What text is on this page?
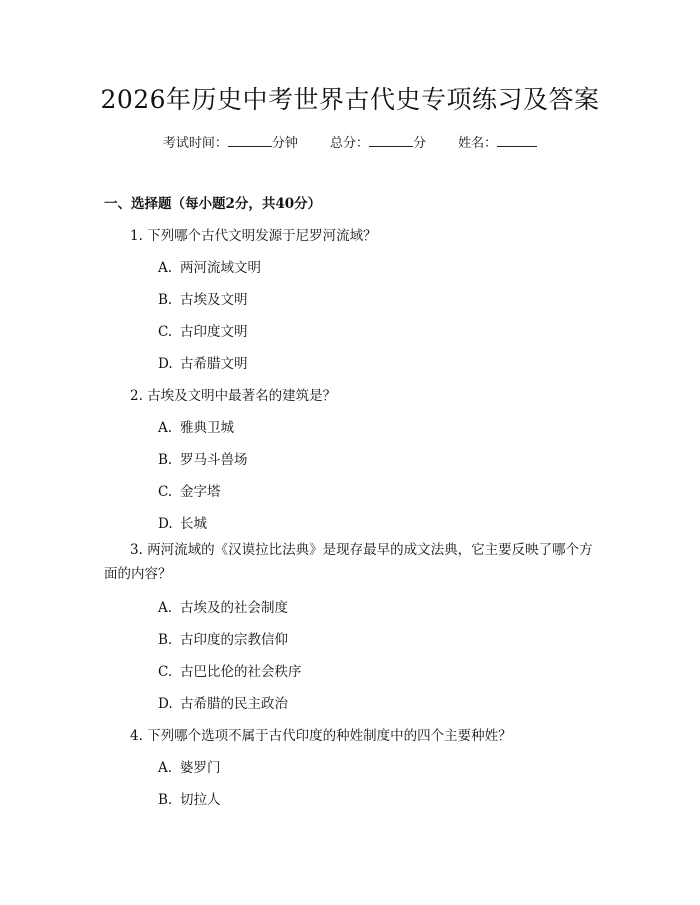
2026年历史中考世界古代史专项练习及答案
考试时间：	分钟 总分：	分 姓名：
一、选择题（每小题2分，共40分）
1. 下列哪个古代文明发源于尼罗河流域？
A. 两河流域文明
B. 古埃及文明
C. 古印度文明
D. 古希腊文明
2. 古埃及文明中最著名的建筑是？
A. 雅典卫城
B. 罗马斗兽场
C. 金字塔
D. 长城
3. 两河流域的《汉谟拉比法典》是现存最早的成文法典，它主要反映了哪个方面的内容？
A. 古埃及的社会制度
B. 古印度的宗教信仰
C. 古巴比伦的社会秩序
D. 古希腊的民主政治
4. 下列哪个选项不属于古代印度的种姓制度中的四个主要种姓？
A. 婆罗门
B. 切拉人
